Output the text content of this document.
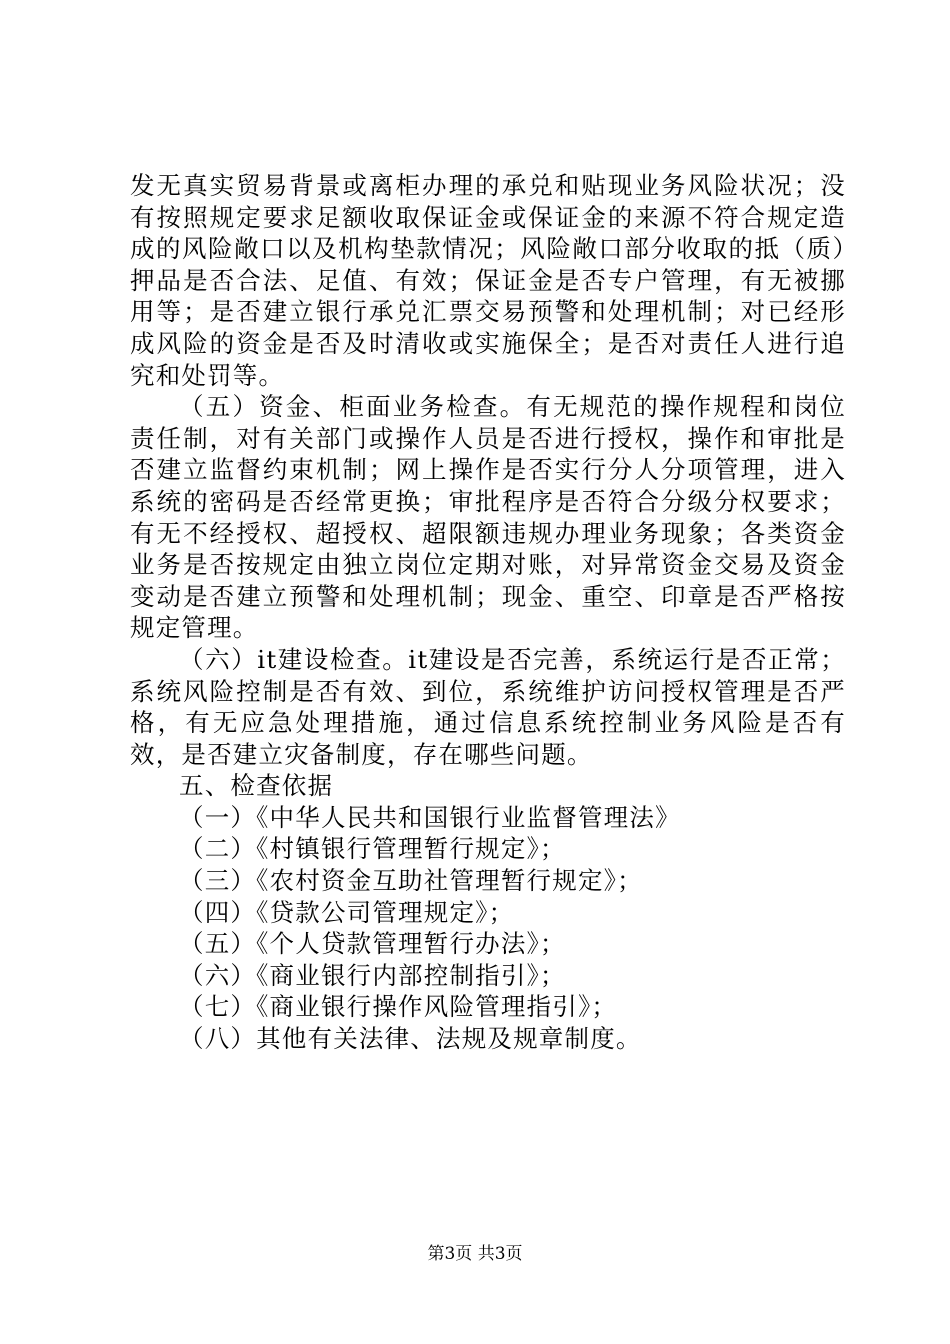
发无真实贸易背景或离柜办理的承兑和贴现业务风险状况；没有按照规定要求足额收取保证金或保证金的来源不符合规定造成的风险敞口以及机构垫款情况；风险敞口部分收取的抵（质）押品是否合法、足值、有效；保证金是否专户管理，有无被挪用等；是否建立银行承兑汇票交易预警和处理机制；对已经形成风险的资金是否及时清收或实施保全；是否对责任人进行追究和处罚等。

（五）资金、柜面业务检查。有无规范的操作规程和岗位责任制，对有关部门或操作人员是否进行授权，操作和审批是否建立监督约束机制；网上操作是否实行分人分项管理，进入系统的密码是否经常更换；审批程序是否符合分级分权要求；有无不经授权、超授权、超限额违规办理业务现象；各类资金业务是否按规定由独立岗位定期对账，对异常资金交易及资金变动是否建立预警和处理机制；现金、重空、印章是否严格按规定管理。

（六）it建设检查。it建设是否完善，系统运行是否正常；系统风险控制是否有效、到位，系统维护访问授权管理是否严格，有无应急处理措施，通过信息系统控制业务风险是否有效，是否建立灾备制度，存在哪些问题。

五、检查依据

（一）《中华人民共和国银行业监督管理法》
（二）《村镇银行管理暂行规定》；
（三）《农村资金互助社管理暂行规定》；
（四）《贷款公司管理规定》；
（五）《个人贷款管理暂行办法》；
（六）《商业银行内部控制指引》；
（七）《商业银行操作风险管理指引》；
（八）其他有关法律、法规及规章制度。
第3页 共3页
